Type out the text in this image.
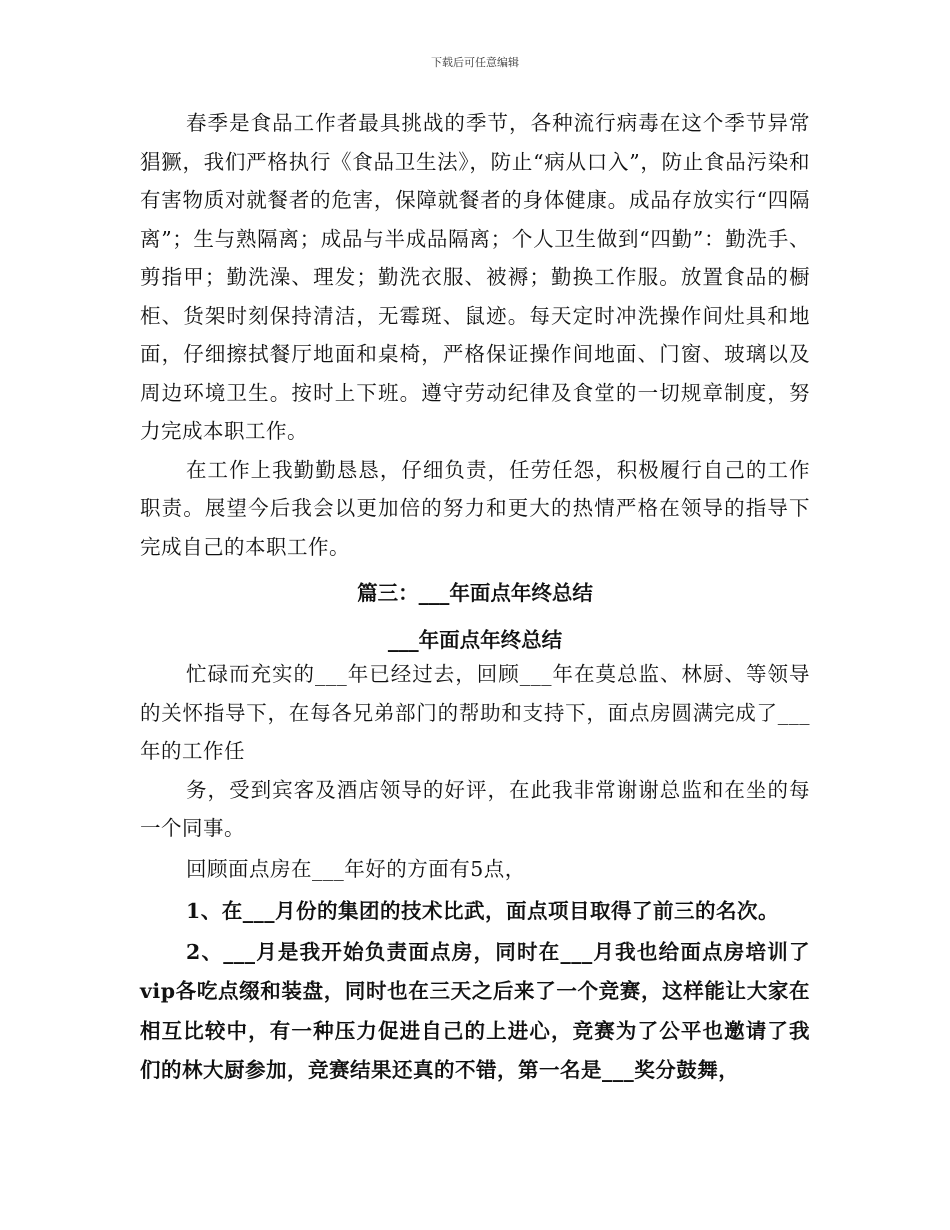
下载后可任意编辑

春季是食品工作者最具挑战的季节，各种流行病毒在这个季节异常猖獗，我们严格执行《食品卫生法》，防止“病从口入”，防止食品污染和有害物质对就餐者的危害，保障就餐者的身体健康。成品存放实行“四隔离”；生与熟隔离；成品与半成品隔离；个人卫生做到“四勤”：勤洗手、剪指甲；勤洗澡、理发；勤洗衣服、被褥；勤换工作服。放置食品的橱柜、货架时刻保持清洁，无霉斑、鼠迹。每天定时冲洗操作间灶具和地面，仔细擦拭餐厅地面和桌椅，严格保证操作间地面、门窗、玻璃以及周边环境卫生。按时上下班。遵守劳动纪律及食堂的一切规章制度，努力完成本职工作。

在工作上我勤勤恳恳，仔细负责，任劳任怨，积极履行自己的工作职责。展望今后我会以更加倍的努力和更大的热情严格在领导的指导下完成自己的本职工作。

篇三：___年面点年终总结

___年面点年终总结

忙碌而充实的___年已经过去，回顾___年在莫总监、林厨、等领导的关怀指导下，在每各兄弟部门的帮助和支持下，面点房圆满完成了___年的工作任

务，受到宾客及酒店领导的好评，在此我非常谢谢总监和在坐的每一个同事。

回顾面点房在___年好的方面有5点，

1、在___月份的集团的技术比武，面点项目取得了前三的名次。

2、___月是我开始负责面点房，同时在___月我也给面点房培训了vip各吃点缀和装盘，同时也在三天之后来了一个竞赛，这样能让大家在相互比较中，有一种压力促进自己的上进心，竞赛为了公平也邀请了我们的林大厨参加，竞赛结果还真的不错，第一名是___奖分鼓舞，
